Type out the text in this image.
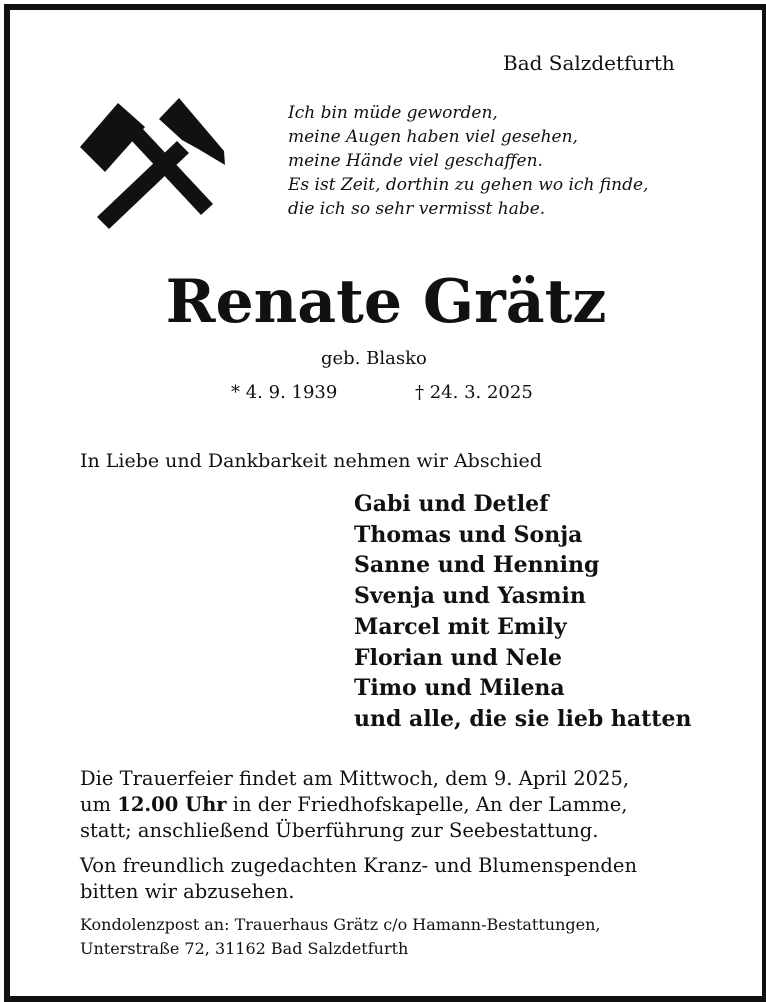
Bad Salzdetfurth
Ich bin müde geworden,
meine Augen haben viel gesehen,
meine Hände viel geschaffen.
Es ist Zeit, dorthin zu gehen wo ich finde,
die ich so sehr vermisst habe.
Renate Grätz
geb. Blasko
* 4. 9. 1939	† 24. 3. 2025
In Liebe und Dankbarkeit nehmen wir Abschied
Gabi und Detlef
Thomas und Sonja
Sanne und Henning
Svenja und Yasmin
Marcel mit Emily
Florian und Nele
Timo und Milena
und alle, die sie lieb hatten
Die Trauerfeier findet am Mittwoch, dem 9. April 2025,
um 12.00 Uhr in der Friedhofskapelle, An der Lamme,
statt; anschließend Überführung zur Seebestattung.
Von freundlich zugedachten Kranz- und Blumenspenden
bitten wir abzusehen.
Kondolenzpost an: Trauerhaus Grätz c/o Hamann-Bestattungen,
Unterstraße 72, 31162 Bad Salzdetfurth
